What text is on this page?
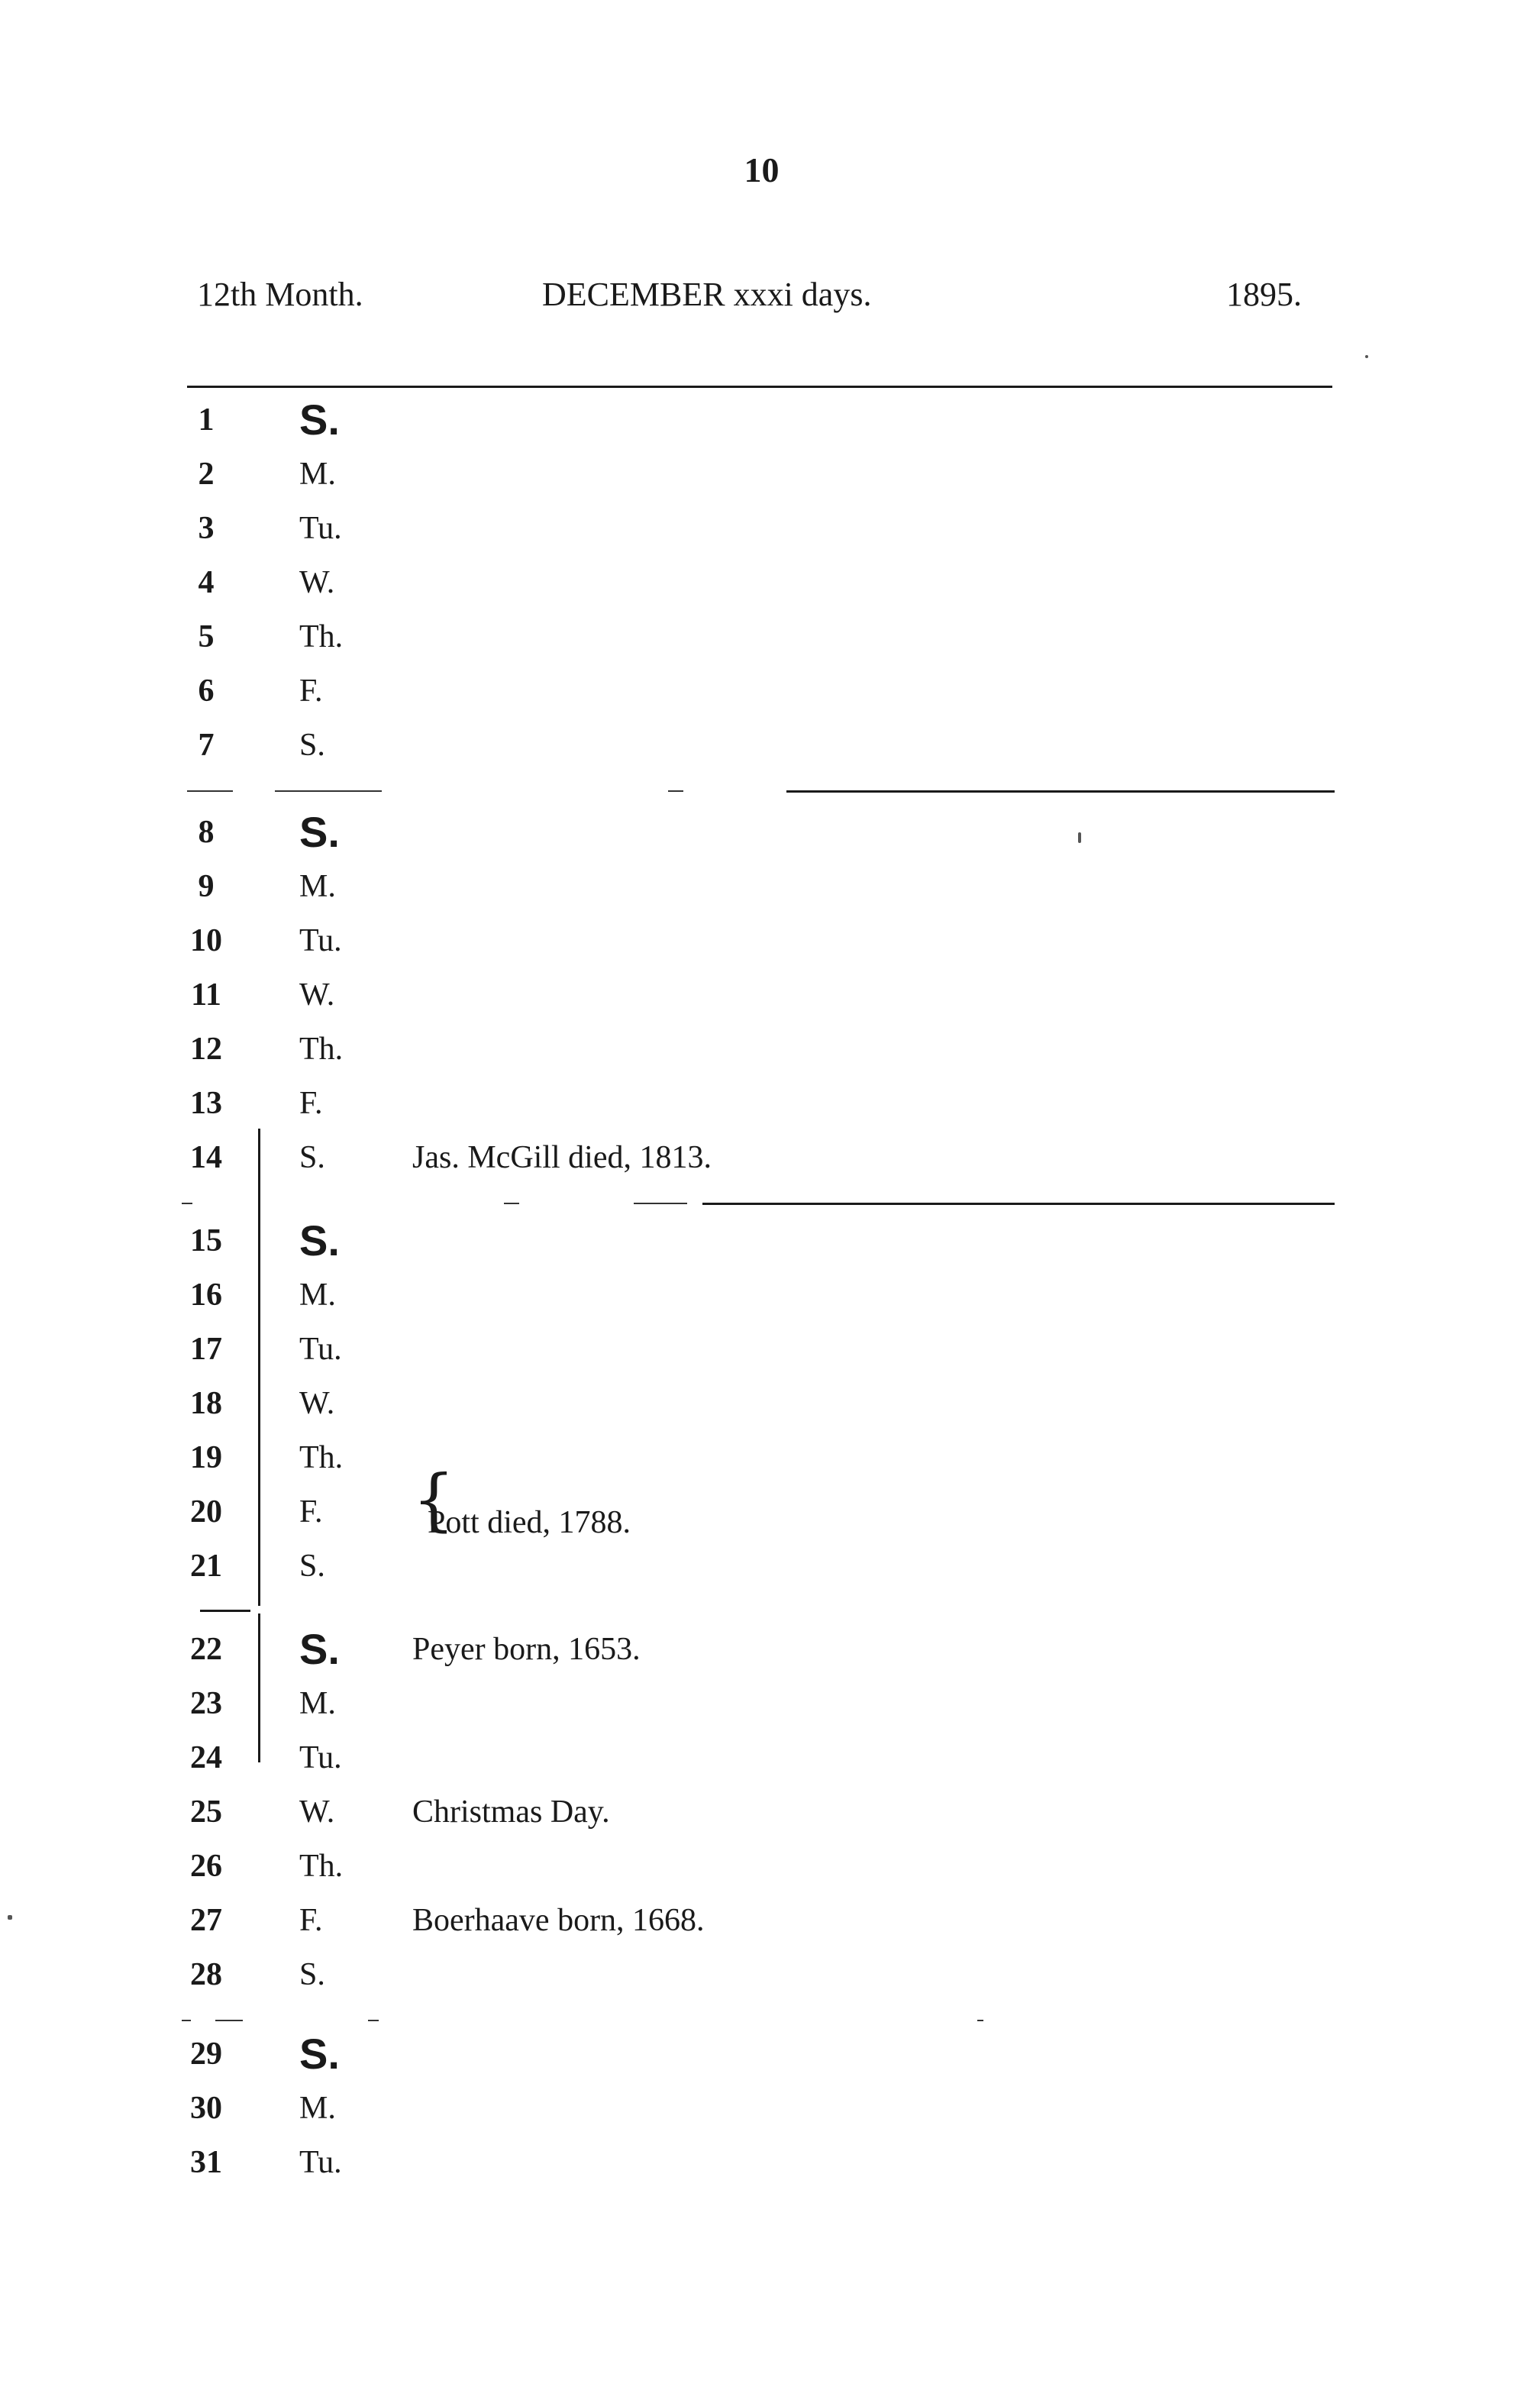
10
12th Month.	DECEMBER xxxi days.	1895.
{
1	S.
2	M.
3	Tu.
4	W.
5	Th.
6	F.
7	S.
8	S.
9	M.
10	Tu.
11	W.
12	Th.
13	F.
14	S.	Jas. McGill died, 1813.
15	S.
16	M.
17	Tu.
18	W.
19	Th.
20	F.	Pott died, 1788.
21	S.
22	S.	Peyer born, 1653.
23	M.
24	Tu.
25	W.	Christmas Day.
26	Th.
27	F.	Boerhaave born, 1668.
28	S.
29	S.
30	M.
31	Tu.
